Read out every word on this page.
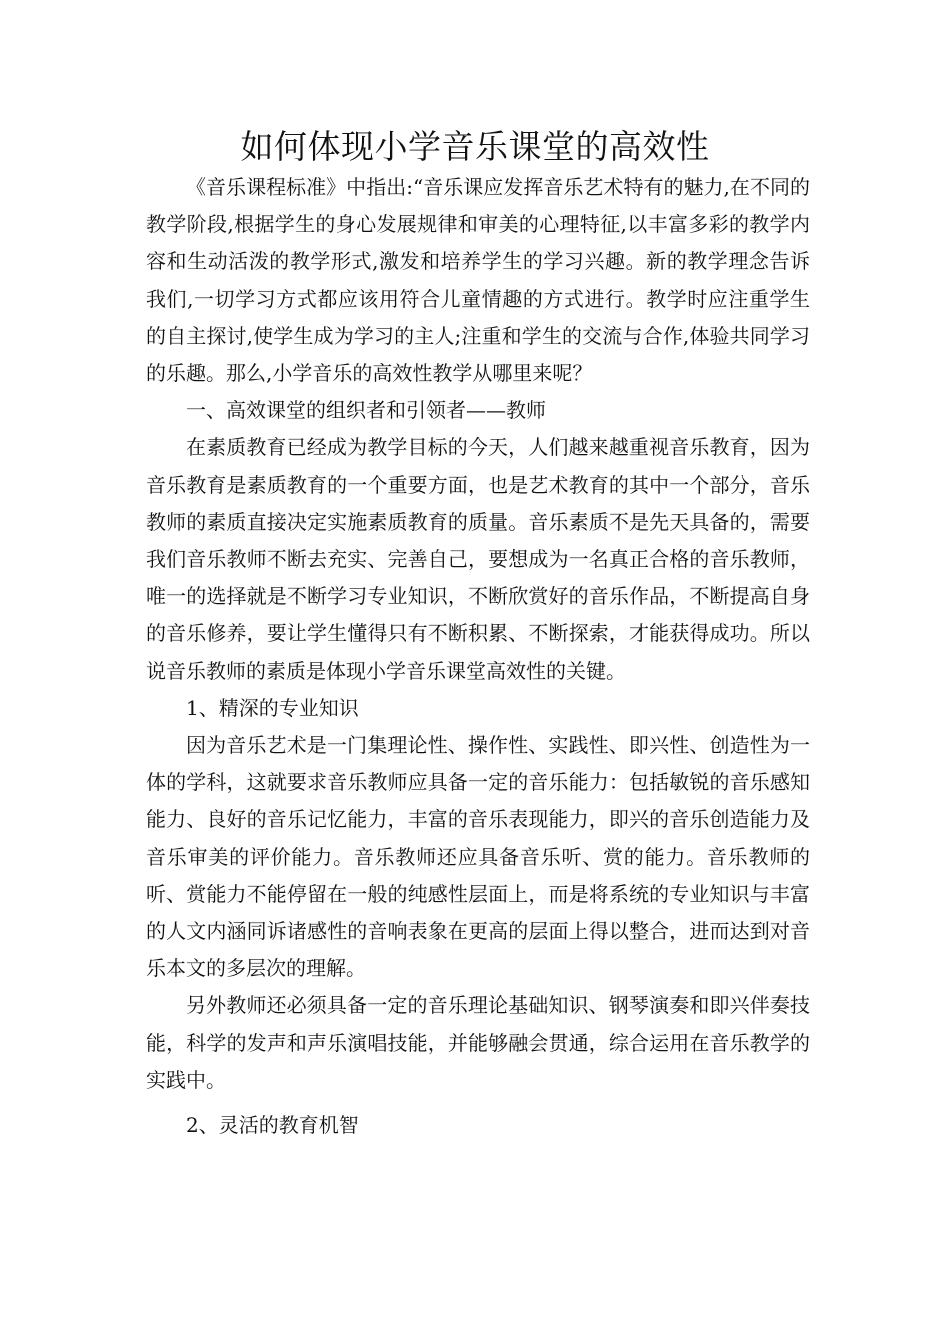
如何体现小学音乐课堂的高效性

《音乐课程标准》中指出:“音乐课应发挥音乐艺术特有的魅力,在不同的教学阶段,根据学生的身心发展规律和审美的心理特征,以丰富多彩的教学内容和生动活泼的教学形式,激发和培养学生的学习兴趣。新的教学理念告诉我们,一切学习方式都应该用符合儿童情趣的方式进行。教学时应注重学生的自主探讨,使学生成为学习的主人;注重和学生的交流与合作,体验共同学习的乐趣。那么,小学音乐的高效性教学从哪里来呢？

一、高效课堂的组织者和引领者——教师

在素质教育已经成为教学目标的今天，人们越来越重视音乐教育，因为音乐教育是素质教育的一个重要方面，也是艺术教育的其中一个部分，音乐教师的素质直接决定实施素质教育的质量。音乐素质不是先天具备的，需要我们音乐教师不断去充实、完善自己，要想成为一名真正合格的音乐教师，唯一的选择就是不断学习专业知识，不断欣赏好的音乐作品，不断提高自身的音乐修养，要让学生懂得只有不断积累、不断探索，才能获得成功。所以说音乐教师的素质是体现小学音乐课堂高效性的关键。

1、精深的专业知识

因为音乐艺术是一门集理论性、操作性、实践性、即兴性、创造性为一体的学科，这就要求音乐教师应具备一定的音乐能力：包括敏锐的音乐感知能力、良好的音乐记忆能力，丰富的音乐表现能力，即兴的音乐创造能力及音乐审美的评价能力。音乐教师还应具备音乐听、赏的能力。音乐教师的听、赏能力不能停留在一般的纯感性层面上，而是将系统的专业知识与丰富的人文内涵同诉诸感性的音响表象在更高的层面上得以整合，进而达到对音乐本文的多层次的理解。

另外教师还必须具备一定的音乐理论基础知识、钢琴演奏和即兴伴奏技能，科学的发声和声乐演唱技能，并能够融会贯通，综合运用在音乐教学的实践中。

2、灵活的教育机智
